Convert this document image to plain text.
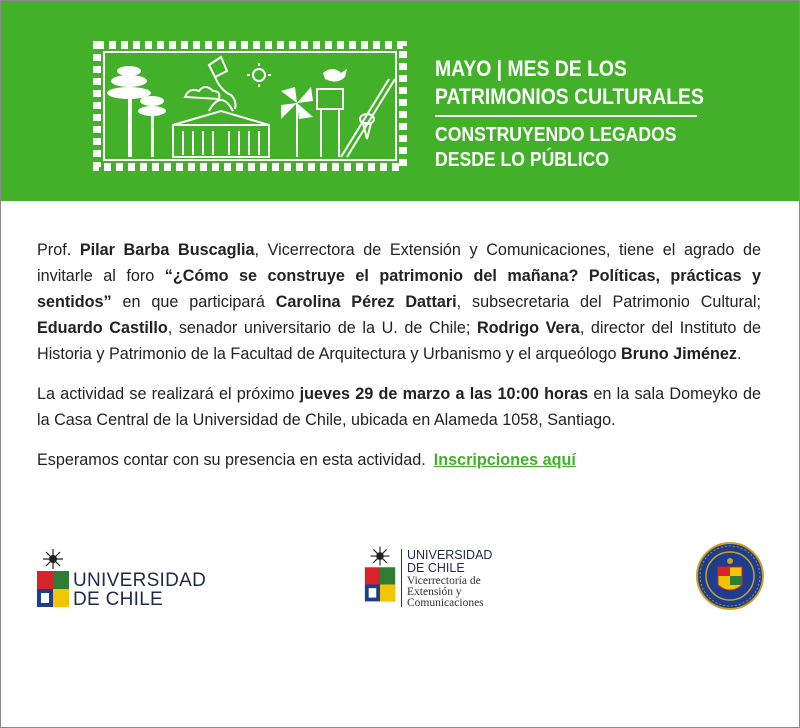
MAYO | MES DE LOS
PATRIMONIOS CULTURALES
CONSTRUYENDO LEGADOS
DESDE LO PÚBLICO

Prof. Pilar Barba Buscaglia, Vicerrectora de Extensión y Comunicaciones, tiene el agrado de invitarle al foro “¿Cómo se construye el patrimonio del mañana? Políticas, prácticas y sentidos” en que participará Carolina Pérez Dattari, subsecretaria del Patrimonio Cultural; Eduardo Castillo, senador universitario de la U. de Chile; Rodrigo Vera, director del Instituto de Historia y Patrimonio de la Facultad de Arquitectura y Urbanismo y el arqueólogo Bruno Jiménez.

La actividad se realizará el próximo jueves 29 de marzo a las 10:00 horas en la sala Domeyko de la Casa Central de la Universidad de Chile, ubicada en Alameda 1058, Santiago.

Esperamos contar con su presencia en esta actividad. Inscripciones aquí

UNIVERSIDAD
DE CHILE
UNIVERSIDAD
DE CHILE
Vicerrectoría de
Extensión y
Comunicaciones
